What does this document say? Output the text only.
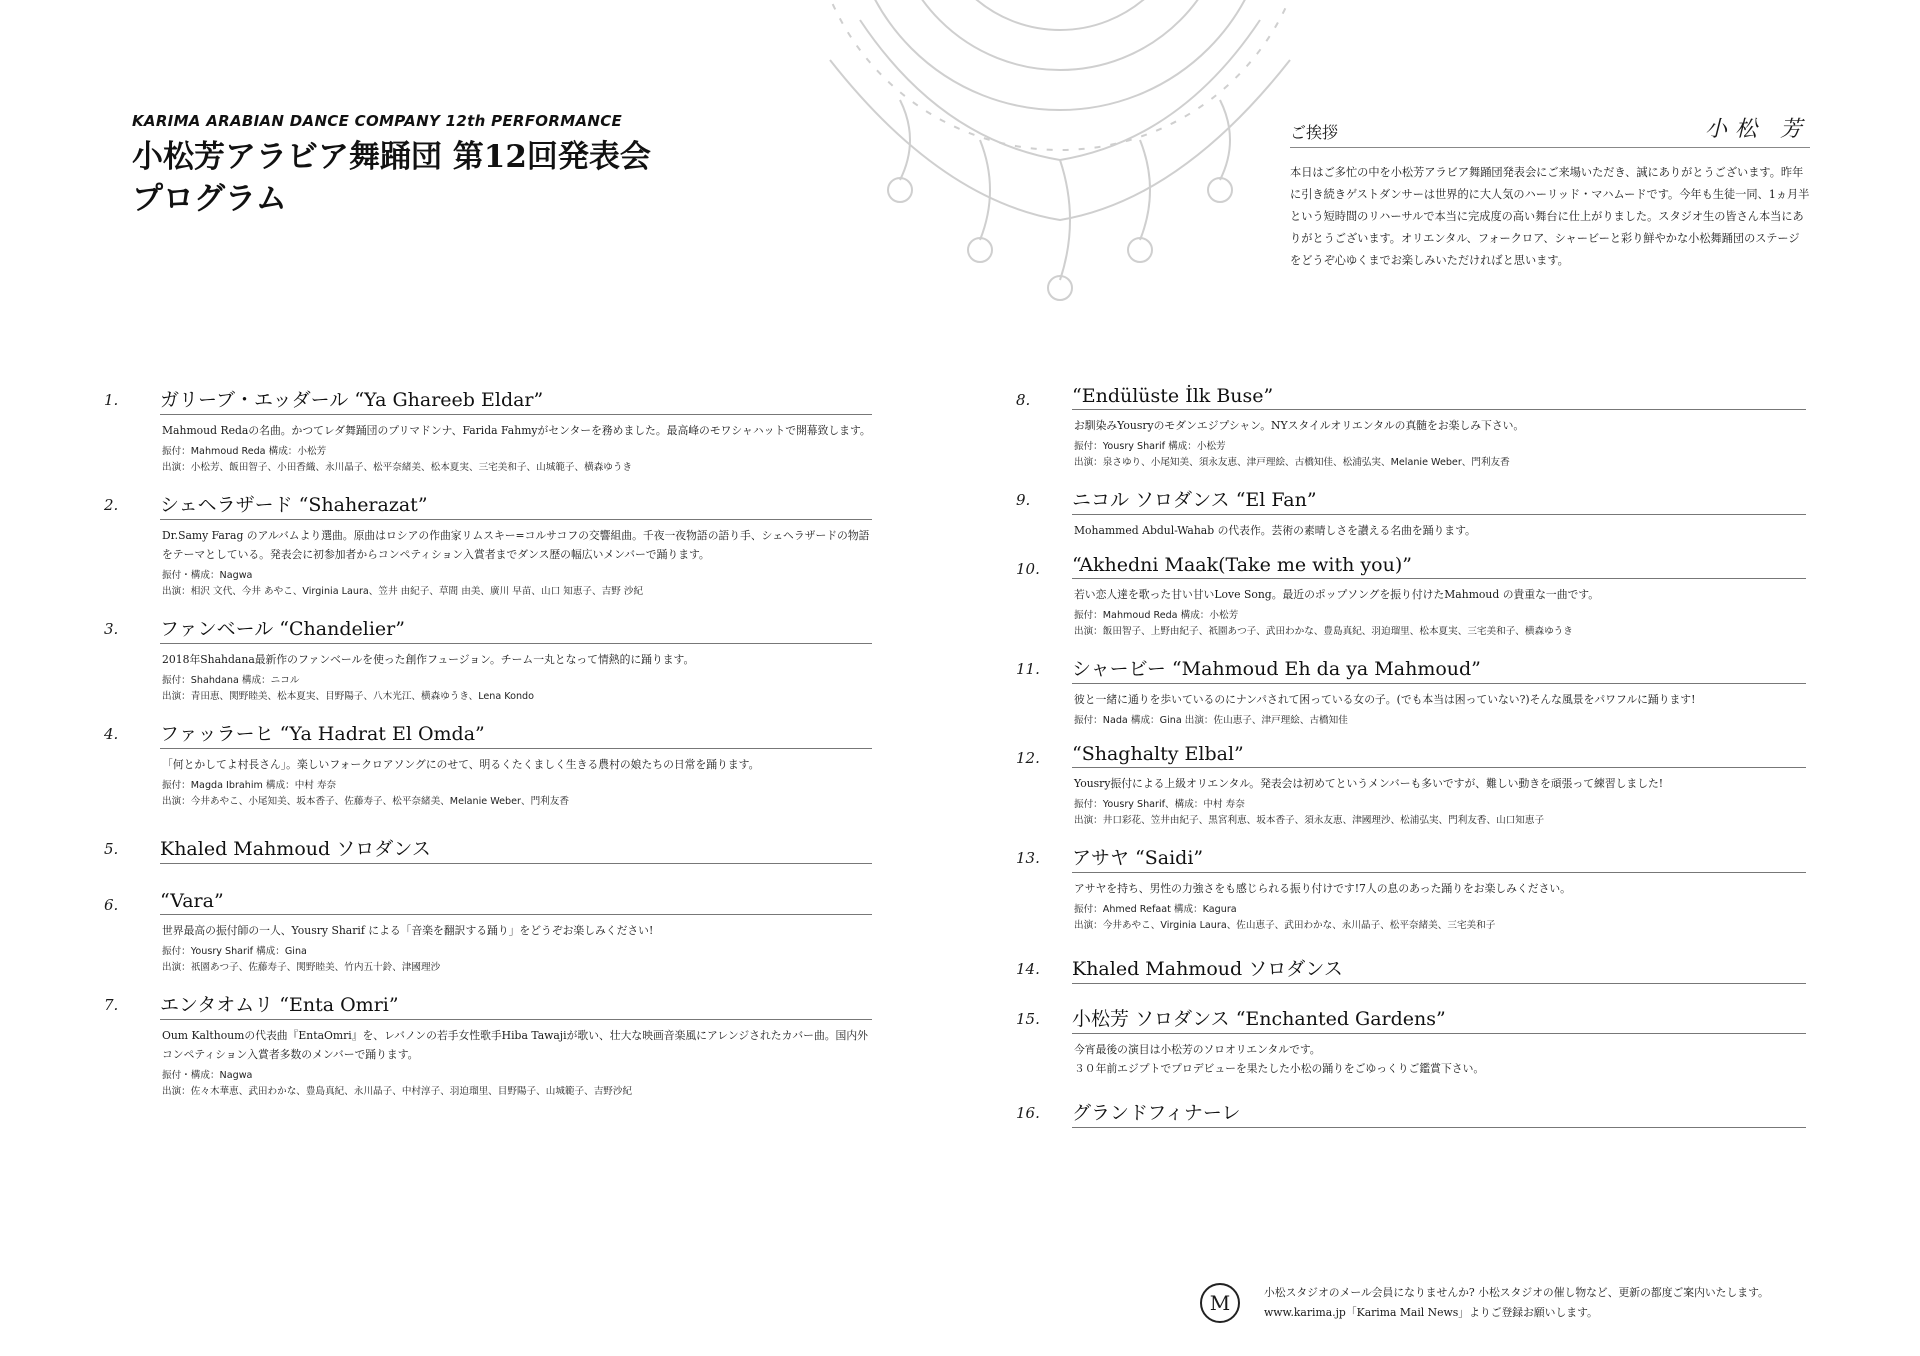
KARIMA ARABIAN DANCE COMPANY 12th PERFORMANCE
小松芳アラビア舞踊団 第12回発表会
プログラム
ご挨拶	小松 芳
本日はご多忙の中を小松芳アラビア舞踊団発表会にご来場いただき、誠にありがとうございます。昨年に引き続きゲストダンサーは世界的に大人気のハーリッド・マハムードです。今年も生徒一同、1ヵ月半という短時間のリハーサルで本当に完成度の高い舞台に仕上がりました。スタジオ生の皆さん本当にありがとうございます。オリエンタル、フォークロア、シャービーと彩り鮮やかな小松舞踊団のステージをどうぞ心ゆくまでお楽しみいただければと思います。
1.	ガリーブ・エッダール “Ya Ghareeb Eldar”
Mahmoud Redaの名曲。かつてレダ舞踊団のプリマドンナ、Farida Fahmyがセンターを務めました。最高峰のモワシャハットで開幕致します。
振付：Mahmoud Reda 構成：小松芳
出演：小松芳、飯田智子、小田香織、永川晶子、松平奈緒美、松本夏実、三宅美和子、山城範子、横森ゆうき
2.	シェヘラザード “Shaherazat”
Dr.Samy Farag のアルバムより選曲。原曲はロシアの作曲家リムスキー=コルサコフの交響組曲。千夜一夜物語の語り手、シェヘラザードの物語をテーマとしている。発表会に初参加者からコンペティション入賞者までダンス歴の幅広いメンバーで踊ります。
振付・構成：Nagwa
出演：相沢 文代、今井 あやこ、Virginia Laura、笠井 由紀子、草間 由美、廣川 早苗、山口 知恵子、吉野 沙紀
3.	ファンベール “Chandelier”
2018年Shahdana最新作のファンベールを使った創作フュージョン。チーム一丸となって情熱的に踊ります。
振付：Shahdana 構成：ニコル
出演：青田恵、関野睦美、松本夏実、目野陽子、八木光江、横森ゆうき、Lena Kondo
4.	ファッラーヒ “Ya Hadrat El Omda”
「何とかしてよ村長さん」。楽しいフォークロアソングにのせて、明るくたくましく生きる農村の娘たちの日常を踊ります。
振付：Magda Ibrahim 構成：中村 寿奈
出演：今井あやこ、小尾知美、坂本香子、佐藤寿子、松平奈緒美、Melanie Weber、門利友香
5.	Khaled Mahmoud ソロダンス
6.	“Vara”
世界最高の振付師の一人、Yousry Sharif による「音楽を翻訳する踊り」をどうぞお楽しみください!
振付：Yousry Sharif 構成：Gina
出演：祇園あつ子、佐藤寿子、関野睦美、竹内五十鈴、津國理沙
7.	エンタオムリ “Enta Omri”
Oum Kalthoumの代表曲『EntaOmri』を、レバノンの若手女性歌手Hiba Tawajiが歌い、壮大な映画音楽風にアレンジされたカバー曲。国内外コンペティション入賞者多数のメンバーで踊ります。
振付・構成：Nagwa
出演：佐々木華恵、武田わかな、豊島真紀、永川晶子、中村淳子、羽迫瑠里、目野陽子、山城範子、吉野沙紀
8.	“Endülüste İlk Buse”
お馴染みYousryのモダンエジプシャン。NYスタイルオリエンタルの真髄をお楽しみ下さい。
振付：Yousry Sharif 構成：小松芳
出演：泉さゆり、小尾知美、須永友恵、津戸理絵、古橋知佳、松浦弘実、Melanie Weber、門利友香
9.	ニコル ソロダンス “El Fan”
Mohammed Abdul-Wahab の代表作。芸術の素晴しさを讃える名曲を踊ります。
10. “Akhedni Maak(Take me with you)”
若い恋人達を歌った甘い甘いLove Song。最近のポップソングを振り付けたMahmoud の貴重な一曲です。
振付：Mahmoud Reda 構成：小松芳
出演：飯田智子、上野由紀子、祇園あつ子、武田わかな、豊島真紀、羽迫瑠里、松本夏実、三宅美和子、横森ゆうき
11. シャービー “Mahmoud Eh da ya Mahmoud”
彼と一緒に通りを歩いているのにナンパされて困っている女の子。(でも本当は困っていない?)そんな風景をパワフルに踊ります!
振付：Nada 構成：Gina 出演：佐山恵子、津戸理絵、古橋知佳
12. “Shaghalty Elbal”
Yousry振付による上級オリエンタル。発表会は初めてというメンバーも多いですが、難しい動きを頑張って練習しました!
振付：Yousry Sharif、構成：中村 寿奈
出演：井口彩花、笠井由紀子、黒宮利恵、坂本香子、須永友恵、津國理沙、松浦弘実、門利友香、山口知恵子
13. アサヤ “Saidi”
アサヤを持ち、男性の力強さをも感じられる振り付けです!7人の息のあった踊りをお楽しみください。
振付：Ahmed Refaat 構成：Kagura
出演：今井あやこ、Virginia Laura、佐山恵子、武田わかな、永川晶子、松平奈緒美、三宅美和子
14. Khaled Mahmoud ソロダンス
15. 小松芳 ソロダンス “Enchanted Gardens”
今宵最後の演目は小松芳のソロオリエンタルです。
３０年前エジプトでプロデビューを果たした小松の踊りをごゆっくりご鑑賞下さい。
16. グランドフィナーレ
M	小松スタジオのメール会員になりませんか? 小松スタジオの催し物など、更新の都度ご案内いたします。
www.karima.jp「Karima Mail News」よりご登録お願いします。
